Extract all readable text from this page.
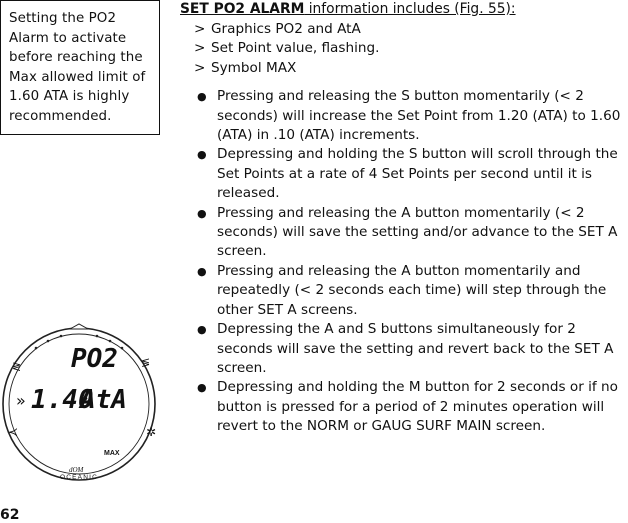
Setting the PO2
Alarm to activate
before reaching the
Max allowed limit of
1.60 ATA is highly
recommended.
SET PO2 ALARM information includes (Fig. 55):
> Graphics PO2 and AtA
> Set Point value, flashing.
> Symbol MAX
● Pressing and releasing the S button momentarily (< 2 seconds) will increase the Set Point from 1.20 (ATA) to 1.60 (ATA) in .10 (ATA) increments.
● Depressing and holding the S button will scroll through the Set Points at a rate of 4 Set Points per second until it is released.
● Pressing and releasing the A button momentarily (< 2 seconds) will save the setting and/or advance to the SET A screen.
● Pressing and releasing the A button momentarily and repeatedly (< 2 seconds each time) will step through the other SET A screens.
● Depressing the A and S buttons simultaneously for 2 seconds will save the setting and revert back to the SET A screen.
● Depressing and holding the M button for 2 seconds or if no button is pressed for a period of 2 minutes operation will revert to the NORM or GAUG SURF MAIN screen.
PO2
≷	≶
» 1.40
AtA
≺	✲
MAX
dOM
OCEANIC
62
